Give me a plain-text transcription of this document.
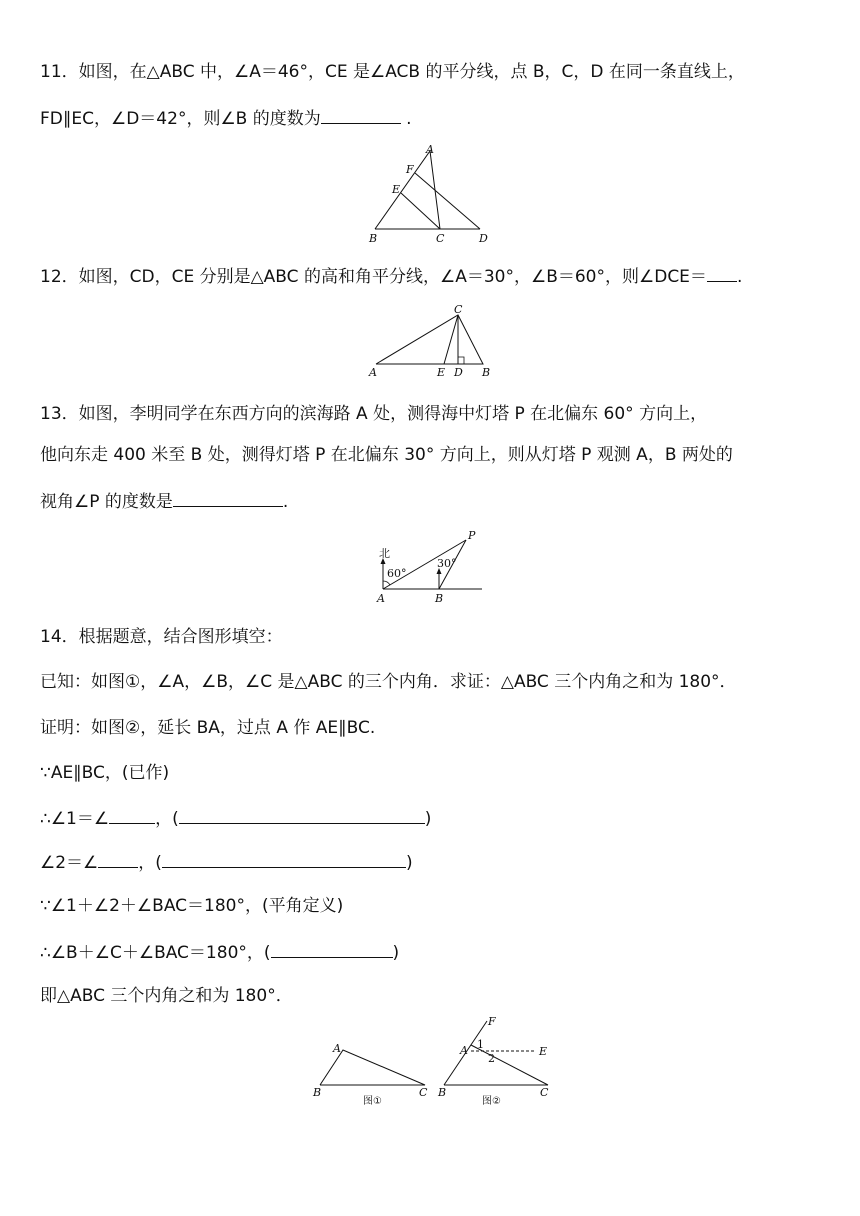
11．如图，在△ABC 中，∠A＝46°，CE 是∠ACB 的平分线，点 B，C，D 在同一条直线上，
FD∥EC，∠D＝42°，则∠B 的度数为	.
A
F
E
B	C	D
12．如图，CD，CE 分别是△ABC 的高和角平分线，∠A＝30°，∠B＝60°，则∠DCE＝ .
C
A	E D B
13．如图，李明同学在东西方向的滨海路 A 处，测得海中灯塔 P 在北偏东 60° 方向上，
他向东走 400 米至 B 处，测得灯塔 P 在北偏东 30° 方向上，则从灯塔 P 观测 A，B 两处的
视角∠P 的度数是	.
北
60°
30°
P
A	B
14．根据题意，结合图形填空：
已知：如图①，∠A，∠B，∠C 是△ABC 的三个内角．求证：△ABC 三个内角之和为 180°．
证明：如图②，延长 BA，过点 A 作 AE∥BC.
∵AE∥BC，(已作)
∴∠1＝∠	，(	)
∠2＝∠ ，(	)
∵∠1＋∠2＋∠BAC＝180°，(平角定义)
∴∠B＋∠C＋∠BAC＝180°，(	)
即△ABC 三个内角之和为 180°．
A
B	C
图①
F
A 1
2
E
B	C
图②
